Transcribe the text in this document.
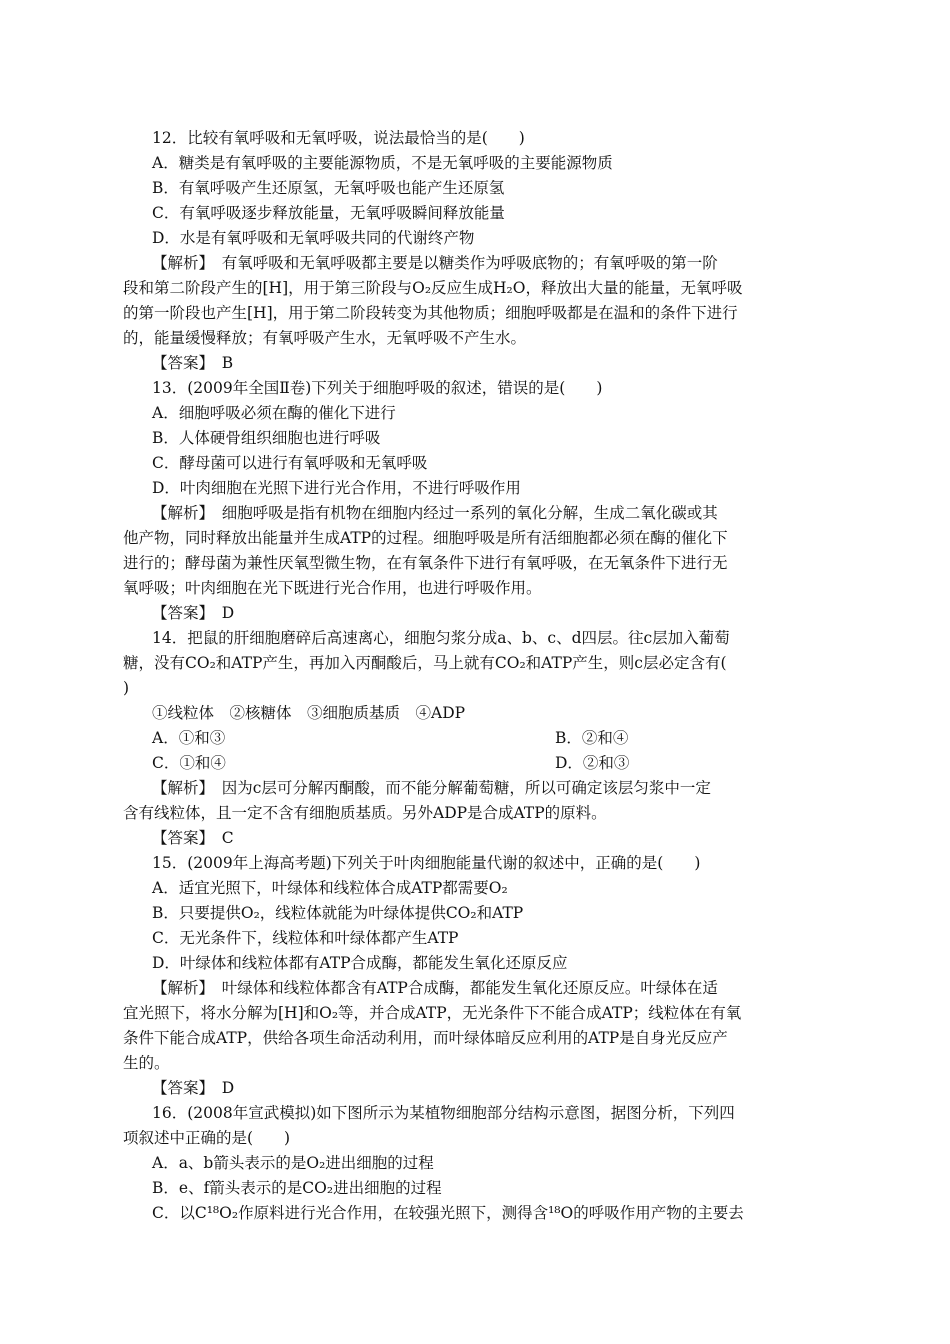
12．比较有氧呼吸和无氧呼吸，说法最恰当的是(　　)
A．糖类是有氧呼吸的主要能源物质，不是无氧呼吸的主要能源物质
B．有氧呼吸产生还原氢，无氧呼吸也能产生还原氢
C．有氧呼吸逐步释放能量，无氧呼吸瞬间释放能量
D．水是有氧呼吸和无氧呼吸共同的代谢终产物
【解析】　有氧呼吸和无氧呼吸都主要是以糖类作为呼吸底物的；有氧呼吸的第一阶
段和第二阶段产生的[H]，用于第三阶段与O₂反应生成H₂O，释放出大量的能量，无氧呼吸
的第一阶段也产生[H]，用于第二阶段转变为其他物质；细胞呼吸都是在温和的条件下进行
的，能量缓慢释放；有氧呼吸产生水，无氧呼吸不产生水。
【答案】　B
13．(2009年全国Ⅱ卷)下列关于细胞呼吸的叙述，错误的是(　　)
A．细胞呼吸必须在酶的催化下进行
B．人体硬骨组织细胞也进行呼吸
C．酵母菌可以进行有氧呼吸和无氧呼吸
D．叶肉细胞在光照下进行光合作用，不进行呼吸作用
【解析】　细胞呼吸是指有机物在细胞内经过一系列的氧化分解，生成二氧化碳或其
他产物，同时释放出能量并生成ATP的过程。细胞呼吸是所有活细胞都必须在酶的催化下
进行的；酵母菌为兼性厌氧型微生物，在有氧条件下进行有氧呼吸，在无氧条件下进行无
氧呼吸；叶肉细胞在光下既进行光合作用，也进行呼吸作用。
【答案】　D
14．把鼠的肝细胞磨碎后高速离心，细胞匀浆分成a、b、c、d四层。往c层加入葡萄
糖，没有CO₂和ATP产生，再加入丙酮酸后，马上就有CO₂和ATP产生，则c层必定含有(
)
①线粒体　②核糖体　③细胞质基质　④ADP
A．①和③	B．②和④
C．①和④	D．②和③
【解析】　因为c层可分解丙酮酸，而不能分解葡萄糖，所以可确定该层匀浆中一定
含有线粒体，且一定不含有细胞质基质。另外ADP是合成ATP的原料。
【答案】　C
15．(2009年上海高考题)下列关于叶肉细胞能量代谢的叙述中，正确的是(　　)
A．适宜光照下，叶绿体和线粒体合成ATP都需要O₂
B．只要提供O₂，线粒体就能为叶绿体提供CO₂和ATP
C．无光条件下，线粒体和叶绿体都产生ATP
D．叶绿体和线粒体都有ATP合成酶，都能发生氧化还原反应
【解析】　叶绿体和线粒体都含有ATP合成酶，都能发生氧化还原反应。叶绿体在适
宜光照下，将水分解为[H]和O₂等，并合成ATP，无光条件下不能合成ATP；线粒体在有氧
条件下能合成ATP，供给各项生命活动利用，而叶绿体暗反应利用的ATP是自身光反应产
生的。
【答案】　D
16．(2008年宣武模拟)如下图所示为某植物细胞部分结构示意图，据图分析，下列四
项叙述中正确的是(　　)
A．a、b箭头表示的是O₂进出细胞的过程
B．e、f箭头表示的是CO₂进出细胞的过程
C．以C¹⁸O₂作原料进行光合作用，在较强光照下，测得含¹⁸O的呼吸作用产物的主要去
